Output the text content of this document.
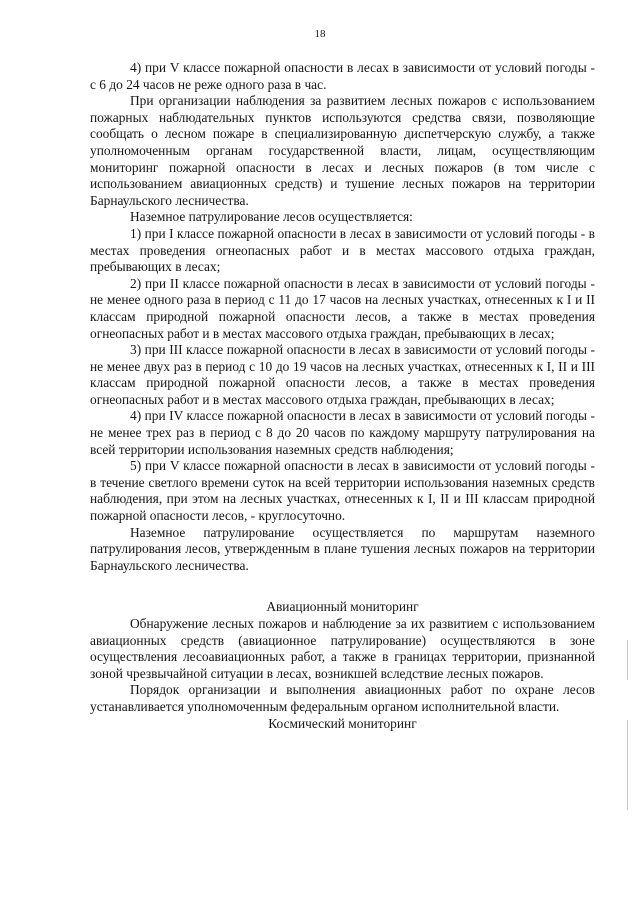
18

4) при V классе пожарной опасности в лесах в зависимости от условий погоды - с 6 до 24 часов не реже одного раза в час.

При организации наблюдения за развитием лесных пожаров с использованием пожарных наблюдательных пунктов используются средства связи, позволяющие сообщать о лесном пожаре в специализированную диспетчерскую службу, а также уполномоченным органам государственной власти, лицам, осуществляющим мониторинг пожарной опасности в лесах и лесных пожаров (в том числе с использованием авиационных средств) и тушение лесных пожаров на территории Барнаульского лесничества.

Наземное патрулирование лесов осуществляется:

1) при I классе пожарной опасности в лесах в зависимости от условий погоды - в местах проведения огнеопасных работ и в местах массового отдыха граждан, пребывающих в лесах;

2) при II классе пожарной опасности в лесах в зависимости от условий погоды - не менее одного раза в период с 11 до 17 часов на лесных участках, отнесенных к I и II классам природной пожарной опасности лесов, а также в местах проведения огнеопасных работ и в местах массового отдыха граждан, пребывающих в лесах;

3) при III классе пожарной опасности в лесах в зависимости от условий погоды - не менее двух раз в период с 10 до 19 часов на лесных участках, отнесенных к I, II и III классам природной пожарной опасности лесов, а также в местах проведения огнеопасных работ и в местах массового отдыха граждан, пребывающих в лесах;

4) при IV классе пожарной опасности в лесах в зависимости от условий погоды - не менее трех раз в период с 8 до 20 часов по каждому маршруту патрулирования на всей территории использования наземных средств наблюдения;

5) при V классе пожарной опасности в лесах в зависимости от условий погоды - в течение светлого времени суток на всей территории использования наземных средств наблюдения, при этом на лесных участках, отнесенных к I, II и III классам природной пожарной опасности лесов, - круглосуточно.

Наземное патрулирование осуществляется по маршрутам наземного патрулирования лесов, утвержденным в плане тушения лесных пожаров на территории Барнаульского лесничества.

Авиационный мониторинг

Обнаружение лесных пожаров и наблюдение за их развитием с использованием авиационных средств (авиационное патрулирование) осуществляются в зоне осуществления лесоавиационных работ, а также в границах территории, признанной зоной чрезвычайной ситуации в лесах, возникшей вследствие лесных пожаров.

Порядок организации и выполнения авиационных работ по охране лесов устанавливается уполномоченным федеральным органом исполнительной власти.

Космический мониторинг
